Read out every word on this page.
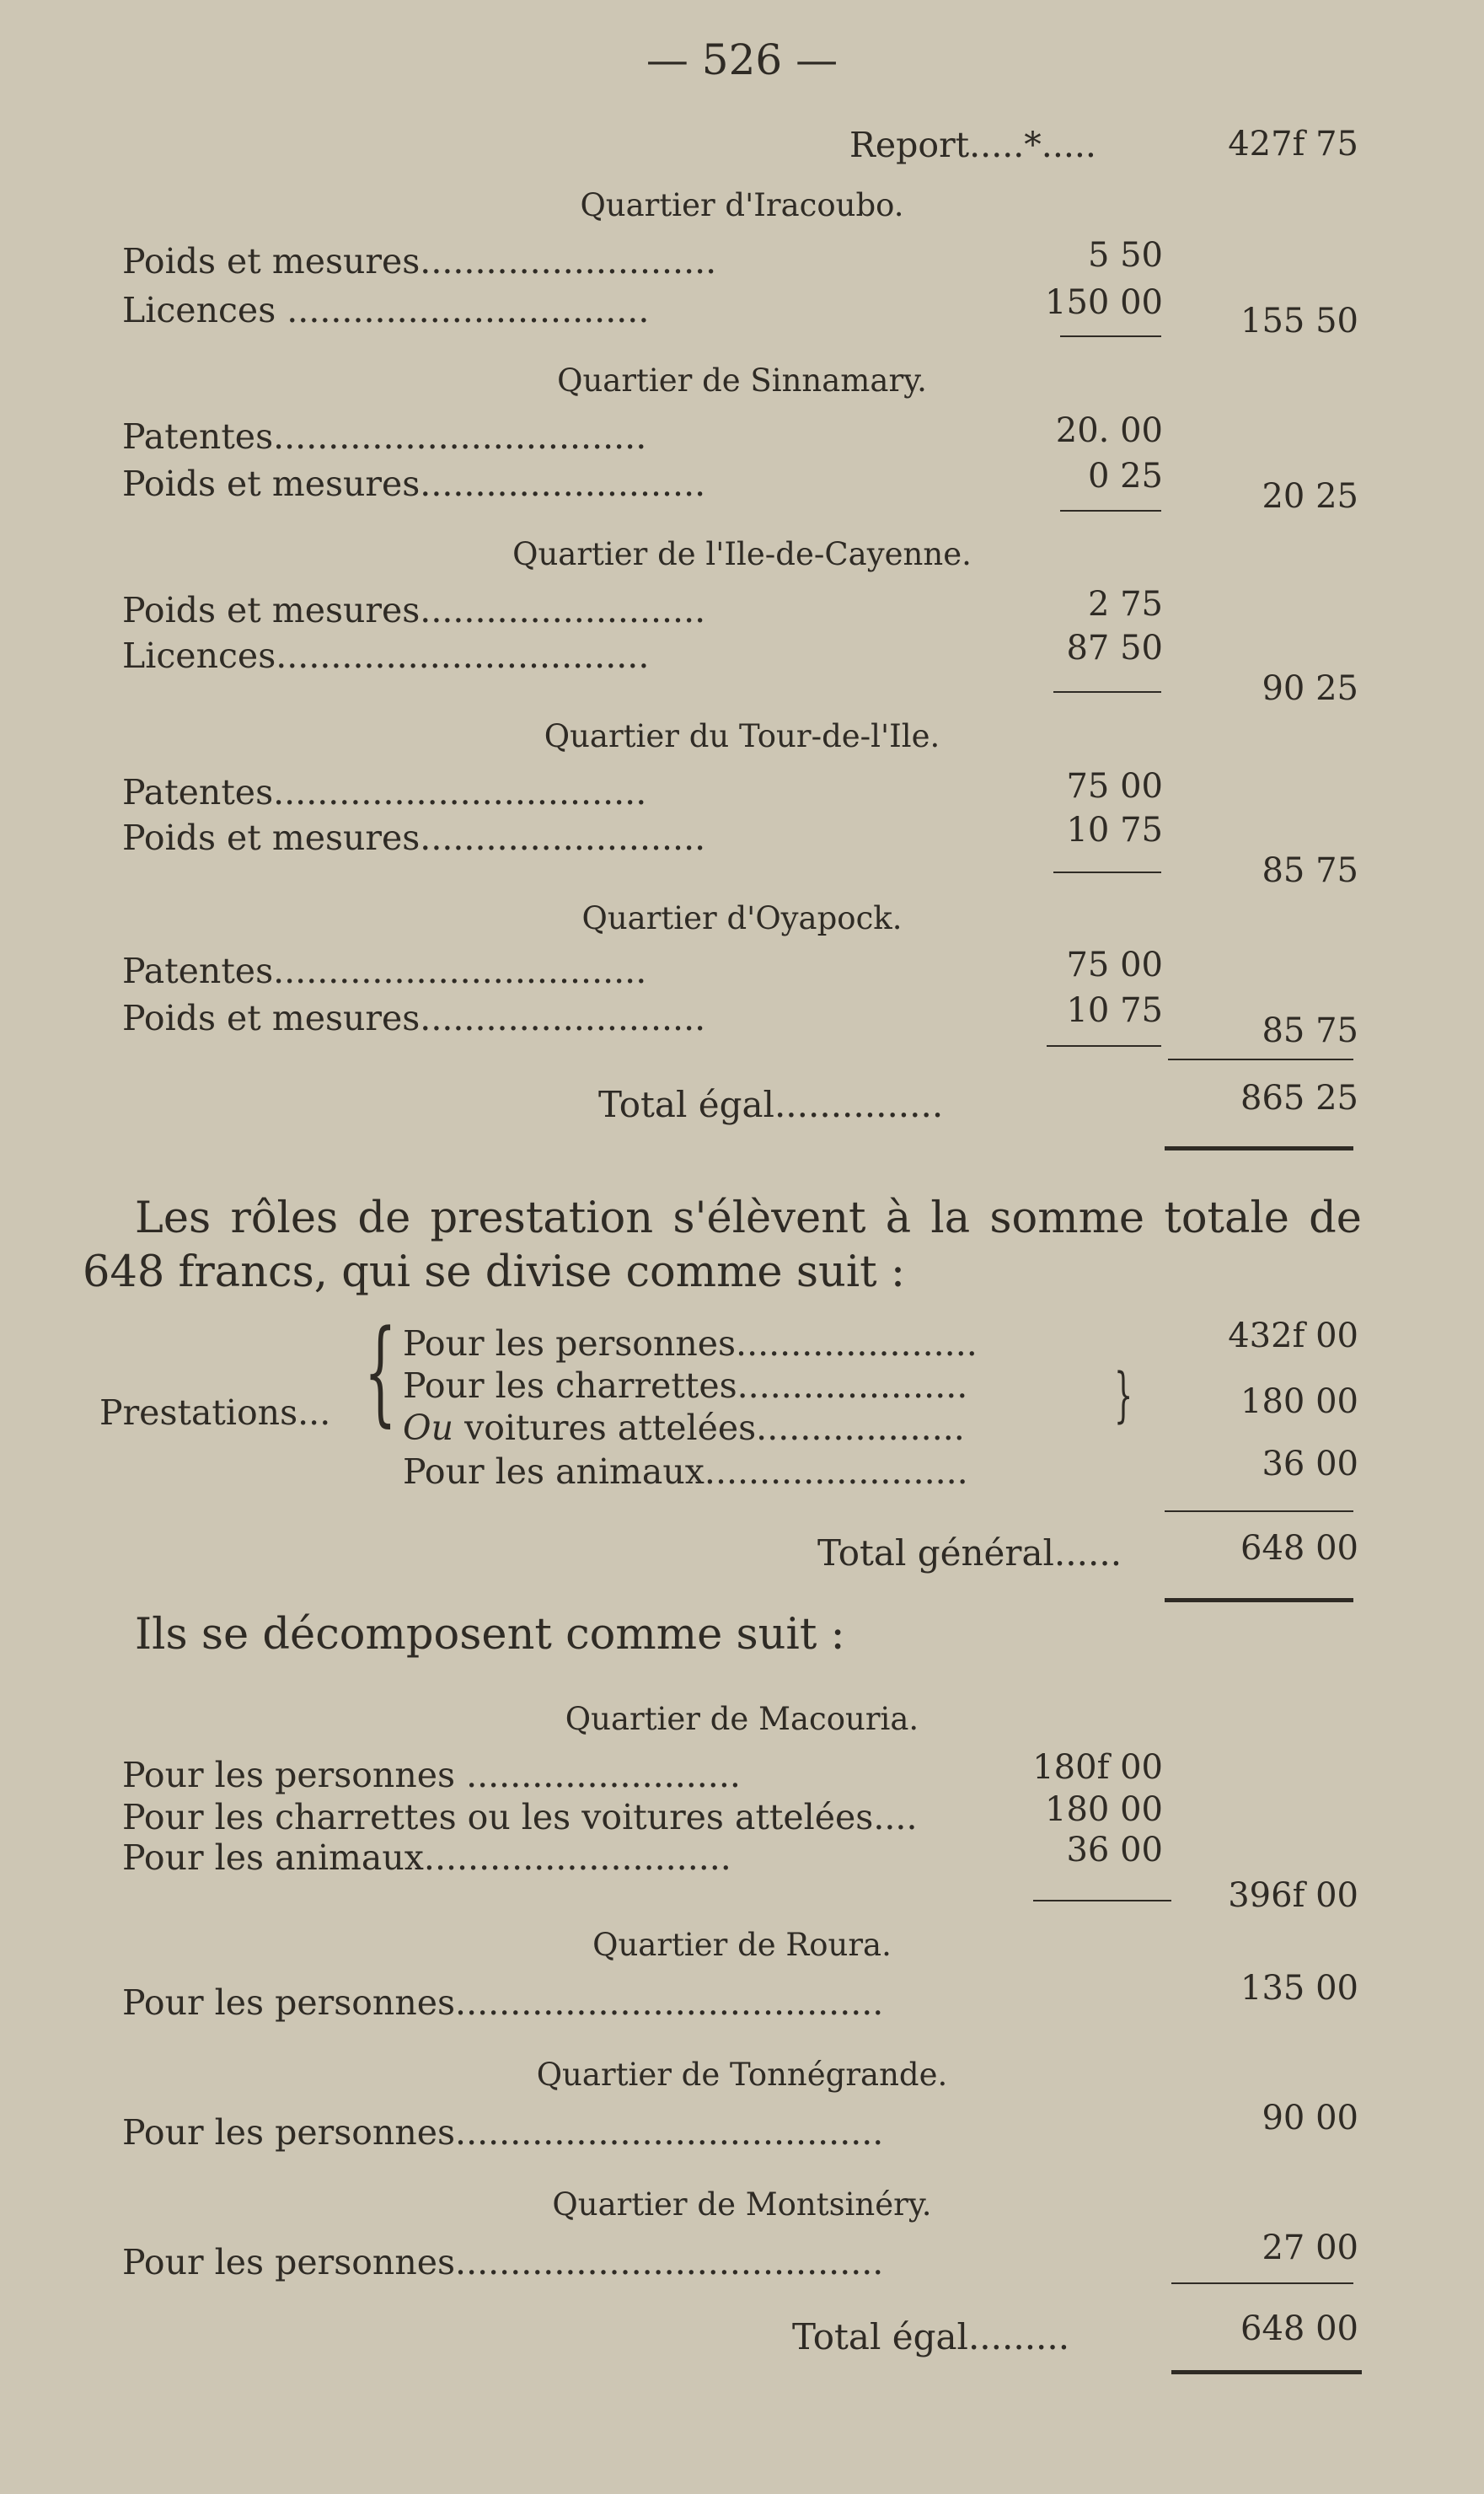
— 526 —
Report.....*.....	427f 75
Quartier d'Iracoubo.
Poids et mesures...........................	5 50
Licences .................................	150 00	155 50
Quartier de Sinnamary.
Patentes..................................	20. 00
Poids et mesures..........................	0 25
20 25
Quartier de l'Ile-de-Cayenne.
Poids et mesures..........................	2 75
Licences..................................	87 50
90 25
Quartier du Tour-de-l'Ile.
Patentes..................................	75 00
Poids et mesures..........................	10 75
85 75
Quartier d'Oyapock.
Patentes..................................	75 00
Poids et mesures..........................	10 75
85 75
Total égal...............	865 25
Les rôles de prestation s'élèvent à la somme totale de
648 francs, qui se divise comme suit :
Prestations... { Pour les personnes......................	432f 00
Pour les charrettes.....................
Ou voitures attelées...................	}	180 00
Pour les animaux........................	36 00
Total général......	648 00
Ils se décomposent comme suit :
Quartier de Macouria.
Pour les personnes .........................	180f 00
Pour les charrettes ou les voitures attelées....	180 00
Pour les animaux............................	36 00
396f 00
Quartier de Roura.
Pour les personnes.......................................	135 00
Quartier de Tonnégrande.
Pour les personnes.......................................	90 00
Quartier de Montsinéry.
Pour les personnes.......................................	27 00
Total égal.........	648 00
